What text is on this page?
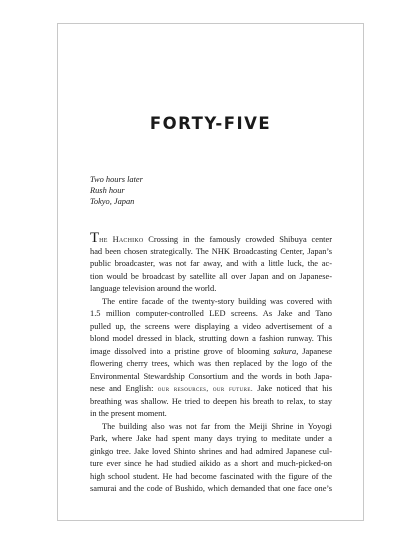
FORTY-FIVE
Two hours later
Rush hour
Tokyo, Japan
The Hachiko Crossing in the famously crowded Shibuya center
had been chosen strategically. The NHK Broadcasting Center, Japan’s
public broadcaster, was not far away, and with a little luck, the ac-
tion would be broadcast by satellite all over Japan and on Japanese-
language television around the world.
The entire facade of the twenty-story building was covered with
1.5 million computer-controlled LED screens. As Jake and Tano
pulled up, the screens were displaying a video advertisement of a
blond model dressed in black, strutting down a fashion runway. This
image dissolved into a pristine grove of blooming sakura, Japanese
flowering cherry trees, which was then replaced by the logo of the
Environmental Stewardship Consortium and the words in both Japa-
nese and English: our resources, our future. Jake noticed that his
breathing was shallow. He tried to deepen his breath to relax, to stay
in the present moment.
The building also was not far from the Meiji Shrine in Yoyogi
Park, where Jake had spent many days trying to meditate under a
ginkgo tree. Jake loved Shinto shrines and had admired Japanese cul-
ture ever since he had studied aikido as a short and much-picked-on
high school student. He had become fascinated with the figure of the
samurai and the code of Bushido, which demanded that one face one’s
